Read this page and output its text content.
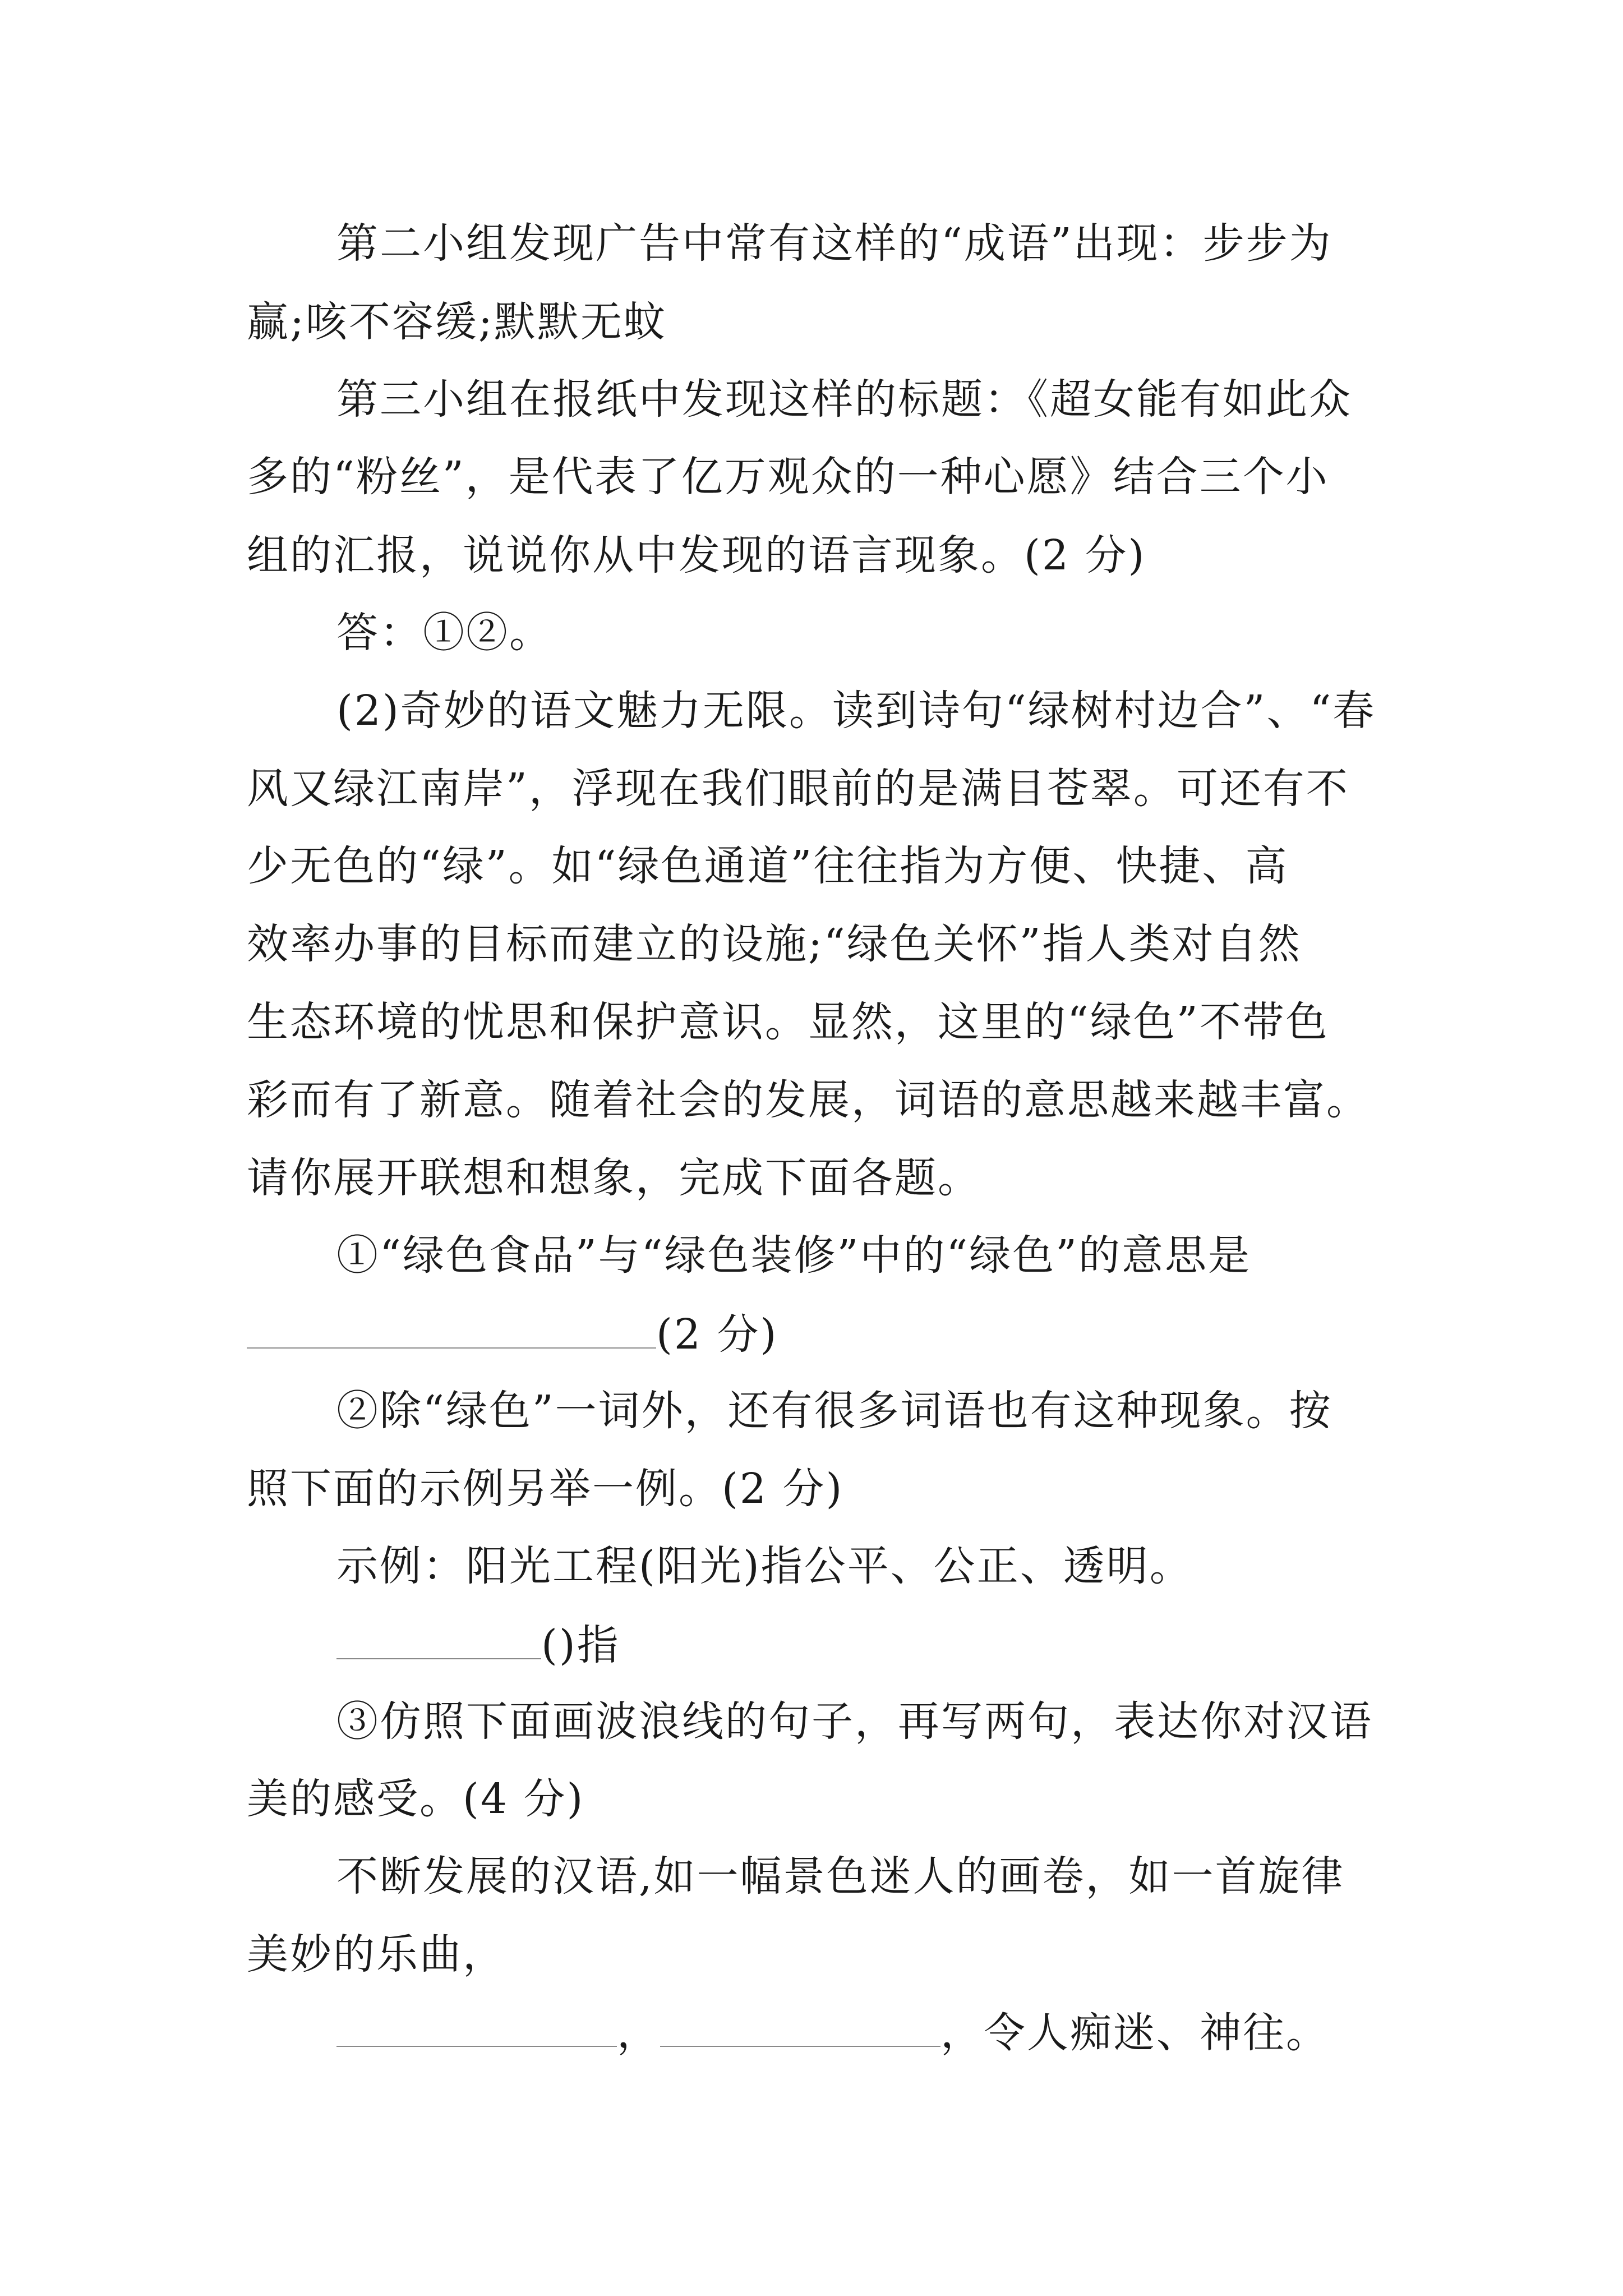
第二小组发现广告中常有这样的“成语”出现：步步为
赢;咳不容缓;默默无蚊
第三小组在报纸中发现这样的标题：《超女能有如此众
多的“粉丝”，是代表了亿万观众的一种心愿》结合三个小
组的汇报，说说你从中发现的语言现象。(2 分)
答：①②。
(2)奇妙的语文魅力无限。读到诗句“绿树村边合”、“春
风又绿江南岸”，浮现在我们眼前的是满目苍翠。可还有不
少无色的“绿”。如“绿色通道”往往指为方便、快捷、高
效率办事的目标而建立的设施;“绿色关怀”指人类对自然
生态环境的忧思和保护意识。显然，这里的“绿色”不带色
彩而有了新意。随着社会的发展，词语的意思越来越丰富。
请你展开联想和想象，完成下面各题。
①“绿色食品”与“绿色装修”中的“绿色”的意思是
(2 分)
②除“绿色”一词外，还有很多词语也有这种现象。按
照下面的示例另举一例。(2 分)
示例：阳光工程(阳光)指公平、公正、透明。
()指
③仿照下面画波浪线的句子，再写两句，表达你对汉语
美的感受。(4 分)
不断发展的汉语,如一幅景色迷人的画卷，如一首旋律
美妙的乐曲，
，	，令人痴迷、神往。
